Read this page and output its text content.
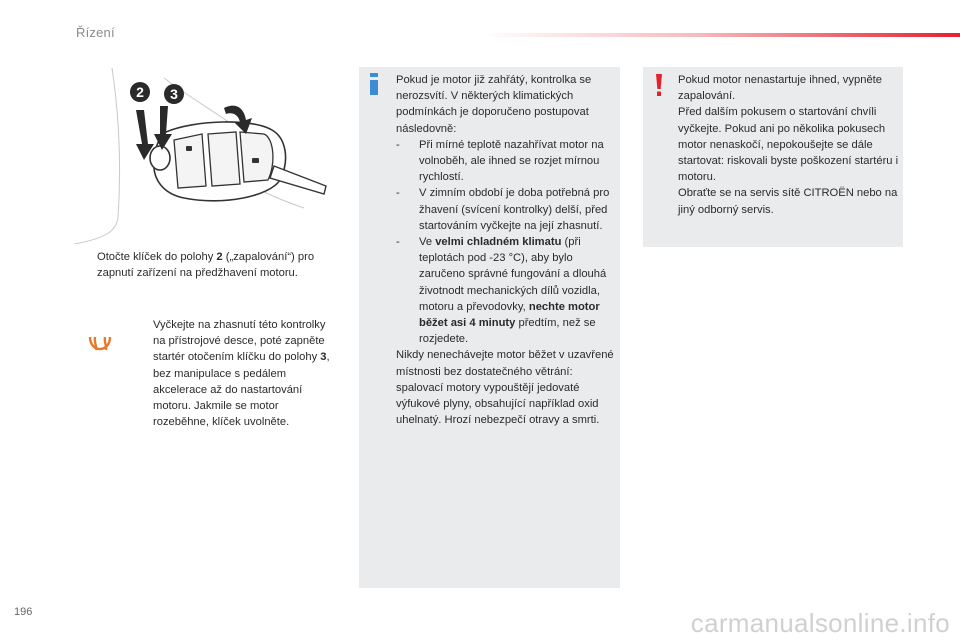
Řízení
2 3
Otočte klíček do polohy 2 („zapalování“) pro zapnutí zařízení na předžhavení motoru.
Vyčkejte na zhasnutí této kontrolky na přístrojové desce, poté zapněte startér otočením klíčku do polohy 3, bez manipulace s pedálem akcelerace až do nastartování motoru. Jakmile se motor rozeběhne, klíček uvolněte.
Pokud je motor již zahřátý, kontrolka se nerozsvítí. V některých klimatických podmínkách je doporučeno postupovat následovně:
- Při mírné teplotě nazahřívat motor na volnoběh, ale ihned se rozjet mírnou rychlostí.
- V zimním období je doba potřebná pro žhavení (svícení kontrolky) delší, před startováním vyčkejte na její zhasnutí.
- Ve velmi chladném klimatu (při teplotách pod -23 °C), aby bylo zaručeno správné fungování a dlouhá životnodt mechanických dílů vozidla, motoru a převodovky, nechte motor běžet asi 4 minuty předtím, než se rozjedete.
Nikdy nenechávejte motor běžet v uzavřené místnosti bez dostatečného větrání: spalovací motory vypouštějí jedovaté výfukové plyny, obsahující například oxid uhelnatý. Hrozí nebezpečí otravy a smrti.
Pokud motor nenastartuje ihned, vypněte zapalování.
Před dalším pokusem o startování chvíli vyčkejte. Pokud ani po několika pokusech motor nenaskočí, nepokoušejte se dále startovat: riskovali byste poškození startéru i motoru.
Obraťte se na servis sítě CITROËN nebo na jiný odborný servis.
196	carmanualsonline.info
